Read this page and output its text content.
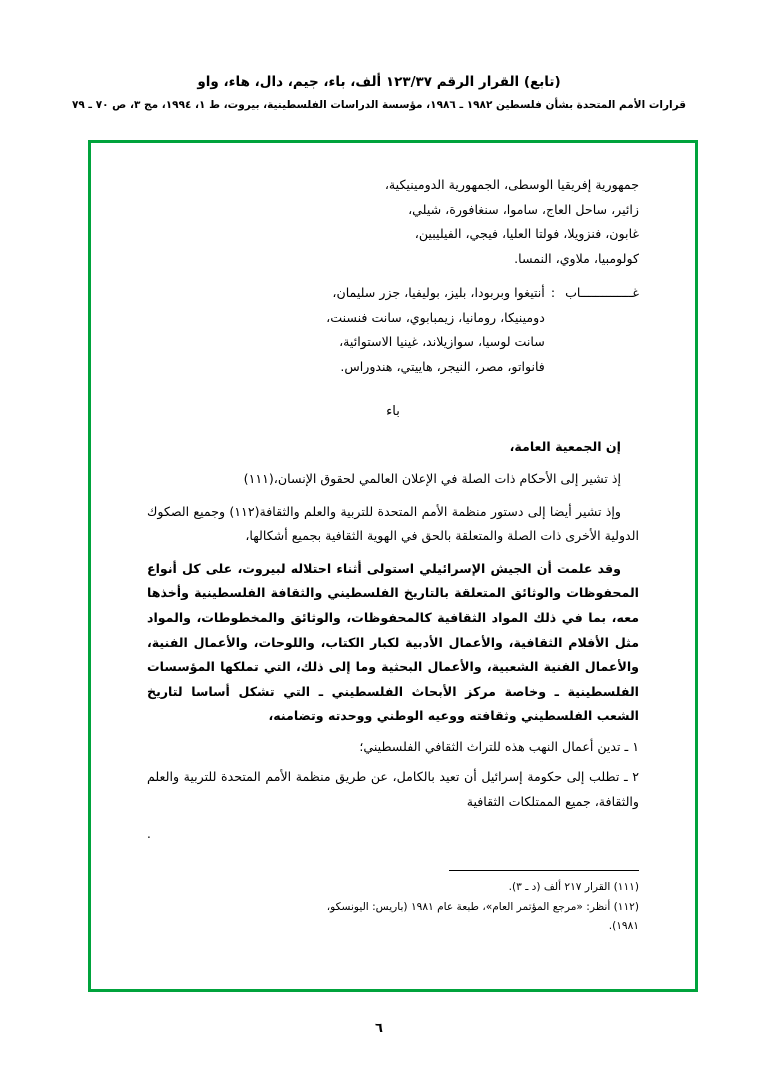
(تابع) القرار الرقم ١٢٣/٣٧ ألف، باء، جيم، دال، هاء، واو
قرارات الأمم المتحدة بشأن فلسطين ١٩٨٢ ـ ١٩٨٦، مؤسسة الدراسات الفلسطينية، بيروت، ط ١، ١٩٩٤، مج ٣، ص ٧٠ ـ ٧٩
جمهورية إفريقيا الوسطى، الجمهورية الدومينيكية،
زائير، ساحل العاج، ساموا، سنغافورة، شيلي،
غابون، فنزويلا، فولتا العليا، فيجي، الفيليبين،
كولومبيا، ملاوي، النمسا.
غــــــــــــــاب
:
أنتيغوا وبربودا، بليز، بوليفيا، جزر سليمان،
دومينيكا، رومانيا، زيمبابوي، سانت فنسنت،
سانت لوسيا، سوازيلاند، غينيا الاستوائية،
فانواتو، مصر، النيجر، هاييتي، هندوراس.
باء
إن الجمعية العامة،
إذ تشير إلى الأحكام ذات الصلة في الإعلان العالمي لحقوق الإنسان،(١١١)
وإذ تشير أيضا إلى دستور منظمة الأمم المتحدة للتربية والعلم والثقافة(١١٢) وجميع الصكوك الدولية الأخرى ذات الصلة والمتعلقة بالحق في الهوية الثقافية بجميع أشكالها،
وقد علمت أن الجيش الإسرائيلي استولى أثناء احتلاله لبيروت، على كل أنواع المحفوظات والوثائق المتعلقة بالتاريخ الفلسطيني والثقافة الفلسطينية وأخذها معه، بما في ذلك المواد الثقافية كالمحفوظات، والوثائق والمخطوطات، والمواد مثل الأفلام الثقافية، والأعمال الأدبية لكبار الكتاب، واللوحات، والأعمال الفنية، والأعمال الفنية الشعبية، والأعمال البحثية وما إلى ذلك، التي تملكها المؤسسات الفلسطينية ـ وخاصة مركز الأبحاث الفلسطيني ـ التي تشكل أساسا لتاريخ الشعب الفلسطيني وثقافته ووعيه الوطني ووحدته وتضامنه،
١ ـ تدين أعمال النهب هذه للتراث الثقافي الفلسطيني؛
٢ ـ تطلب إلى حكومة إسرائيل أن تعيد بالكامل، عن طريق منظمة الأمم المتحدة للتربية والعلم والثقافة، جميع الممتلكات الثقافية
.
(١١١) القرار ٢١٧ ألف (د ـ ٣).
(١١٢) أنظر: «مرجع المؤتمر العام»، طبعة عام ١٩٨١ (باريس: اليونسكو،
١٩٨١).
٦
